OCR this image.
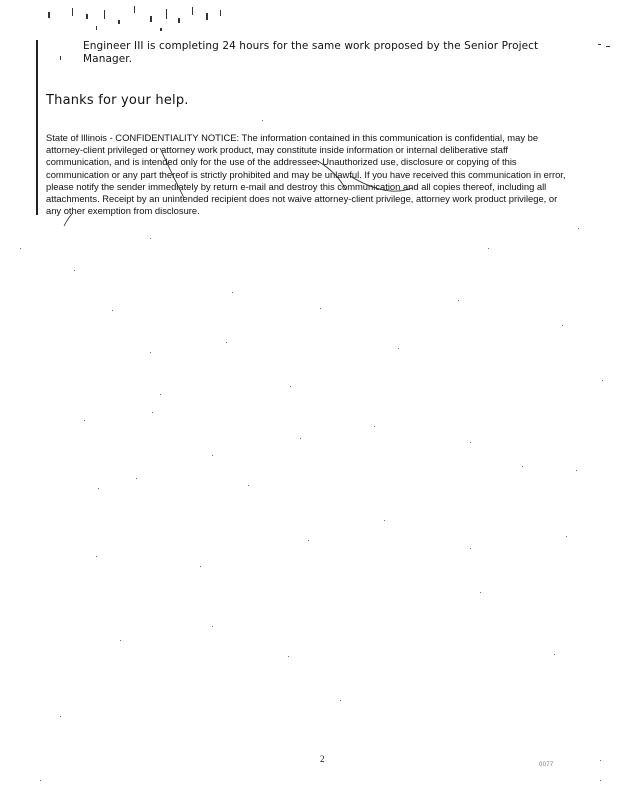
Engineer III is completing 24 hours for the same work proposed by the Senior Project Manager.
Thanks for your help.
State of Illinois - CONFIDENTIALITY NOTICE: The information contained in this communication is confidential, may be attorney-client privileged or attorney work product, may constitute inside information or internal deliberative staff communication, and is intended only for the use of the addressee. Unauthorized use, disclosure or copying of this communication or any part thereof is strictly prohibited and may be unlawful. If you have received this communication in error, please notify the sender immediately by return e-mail and destroy this communication and all copies thereof, including all attachments. Receipt by an unintended recipient does not waive attorney-client privilege, attorney work product privilege, or any other exemption from disclosure.
2
0077
